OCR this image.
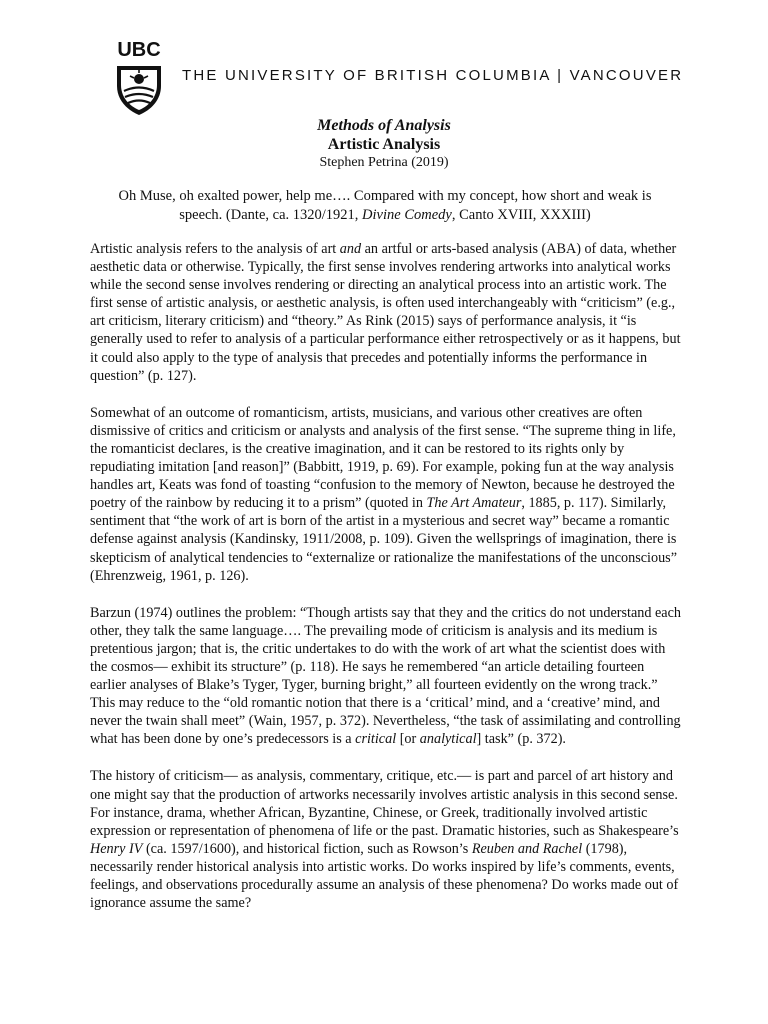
UBC
THE UNIVERSITY OF BRITISH COLUMBIA | VANCOUVER
Methods of Analysis
Artistic Analysis
Stephen Petrina (2019)
Oh Muse, oh exalted power, help me…. Compared with my concept, how short and weak is
speech. (Dante, ca. 1320/1921, Divine Comedy, Canto XVIII, XXXIII)

Artistic analysis refers to the analysis of art and an artful or arts-based analysis (ABA) of data, whether aesthetic data or otherwise. Typically, the first sense involves rendering artworks into analytical works while the second sense involves rendering or directing an analytical process into an artistic work. The first sense of artistic analysis, or aesthetic analysis, is often used interchangeably with “criticism” (e.g., art criticism, literary criticism) and “theory.” As Rink (2015) says of performance analysis, it “is generally used to refer to analysis of a particular performance either retrospectively or as it happens, but it could also apply to the type of analysis that precedes and potentially informs the performance in question” (p. 127).

Somewhat of an outcome of romanticism, artists, musicians, and various other creatives are often dismissive of critics and criticism or analysts and analysis of the first sense. “The supreme thing in life, the romanticist declares, is the creative imagination, and it can be restored to its rights only by repudiating imitation [and reason]” (Babbitt, 1919, p. 69). For example, poking fun at the way analysis handles art, Keats was fond of toasting “confusion to the memory of Newton, because he destroyed the poetry of the rainbow by reducing it to a prism” (quoted in The Art Amateur, 1885, p. 117). Similarly, sentiment that “the work of art is born of the artist in a mysterious and secret way” became a romantic defense against analysis (Kandinsky, 1911/2008, p. 109). Given the wellsprings of imagination, there is skepticism of analytical tendencies to “externalize or rationalize the manifestations of the unconscious” (Ehrenzweig, 1961, p. 126).

Barzun (1974) outlines the problem: “Though artists say that they and the critics do not understand each other, they talk the same language…. The prevailing mode of criticism is analysis and its medium is pretentious jargon; that is, the critic undertakes to do with the work of art what the scientist does with the cosmos— exhibit its structure” (p. 118). He says he remembered “an article detailing fourteen earlier analyses of Blake’s Tyger, Tyger, burning bright,” all fourteen evidently on the wrong track.” This may reduce to the “old romantic notion that there is a ‘critical’ mind, and a ‘creative’ mind, and never the twain shall meet” (Wain, 1957, p. 372). Nevertheless, “the task of assimilating and controlling what has been done by one’s predecessors is a critical [or analytical] task” (p. 372).

The history of criticism— as analysis, commentary, critique, etc.— is part and parcel of art history and one might say that the production of artworks necessarily involves artistic analysis in this second sense. For instance, drama, whether African, Byzantine, Chinese, or Greek, traditionally involved artistic expression or representation of phenomena of life or the past. Dramatic histories, such as Shakespeare’s Henry IV (ca. 1597/1600), and historical fiction, such as Rowson’s Reuben and Rachel (1798), necessarily render historical analysis into artistic works. Do works inspired by life’s comments, events, feelings, and observations procedurally assume an analysis of these phenomena? Do works made out of ignorance assume the same?
